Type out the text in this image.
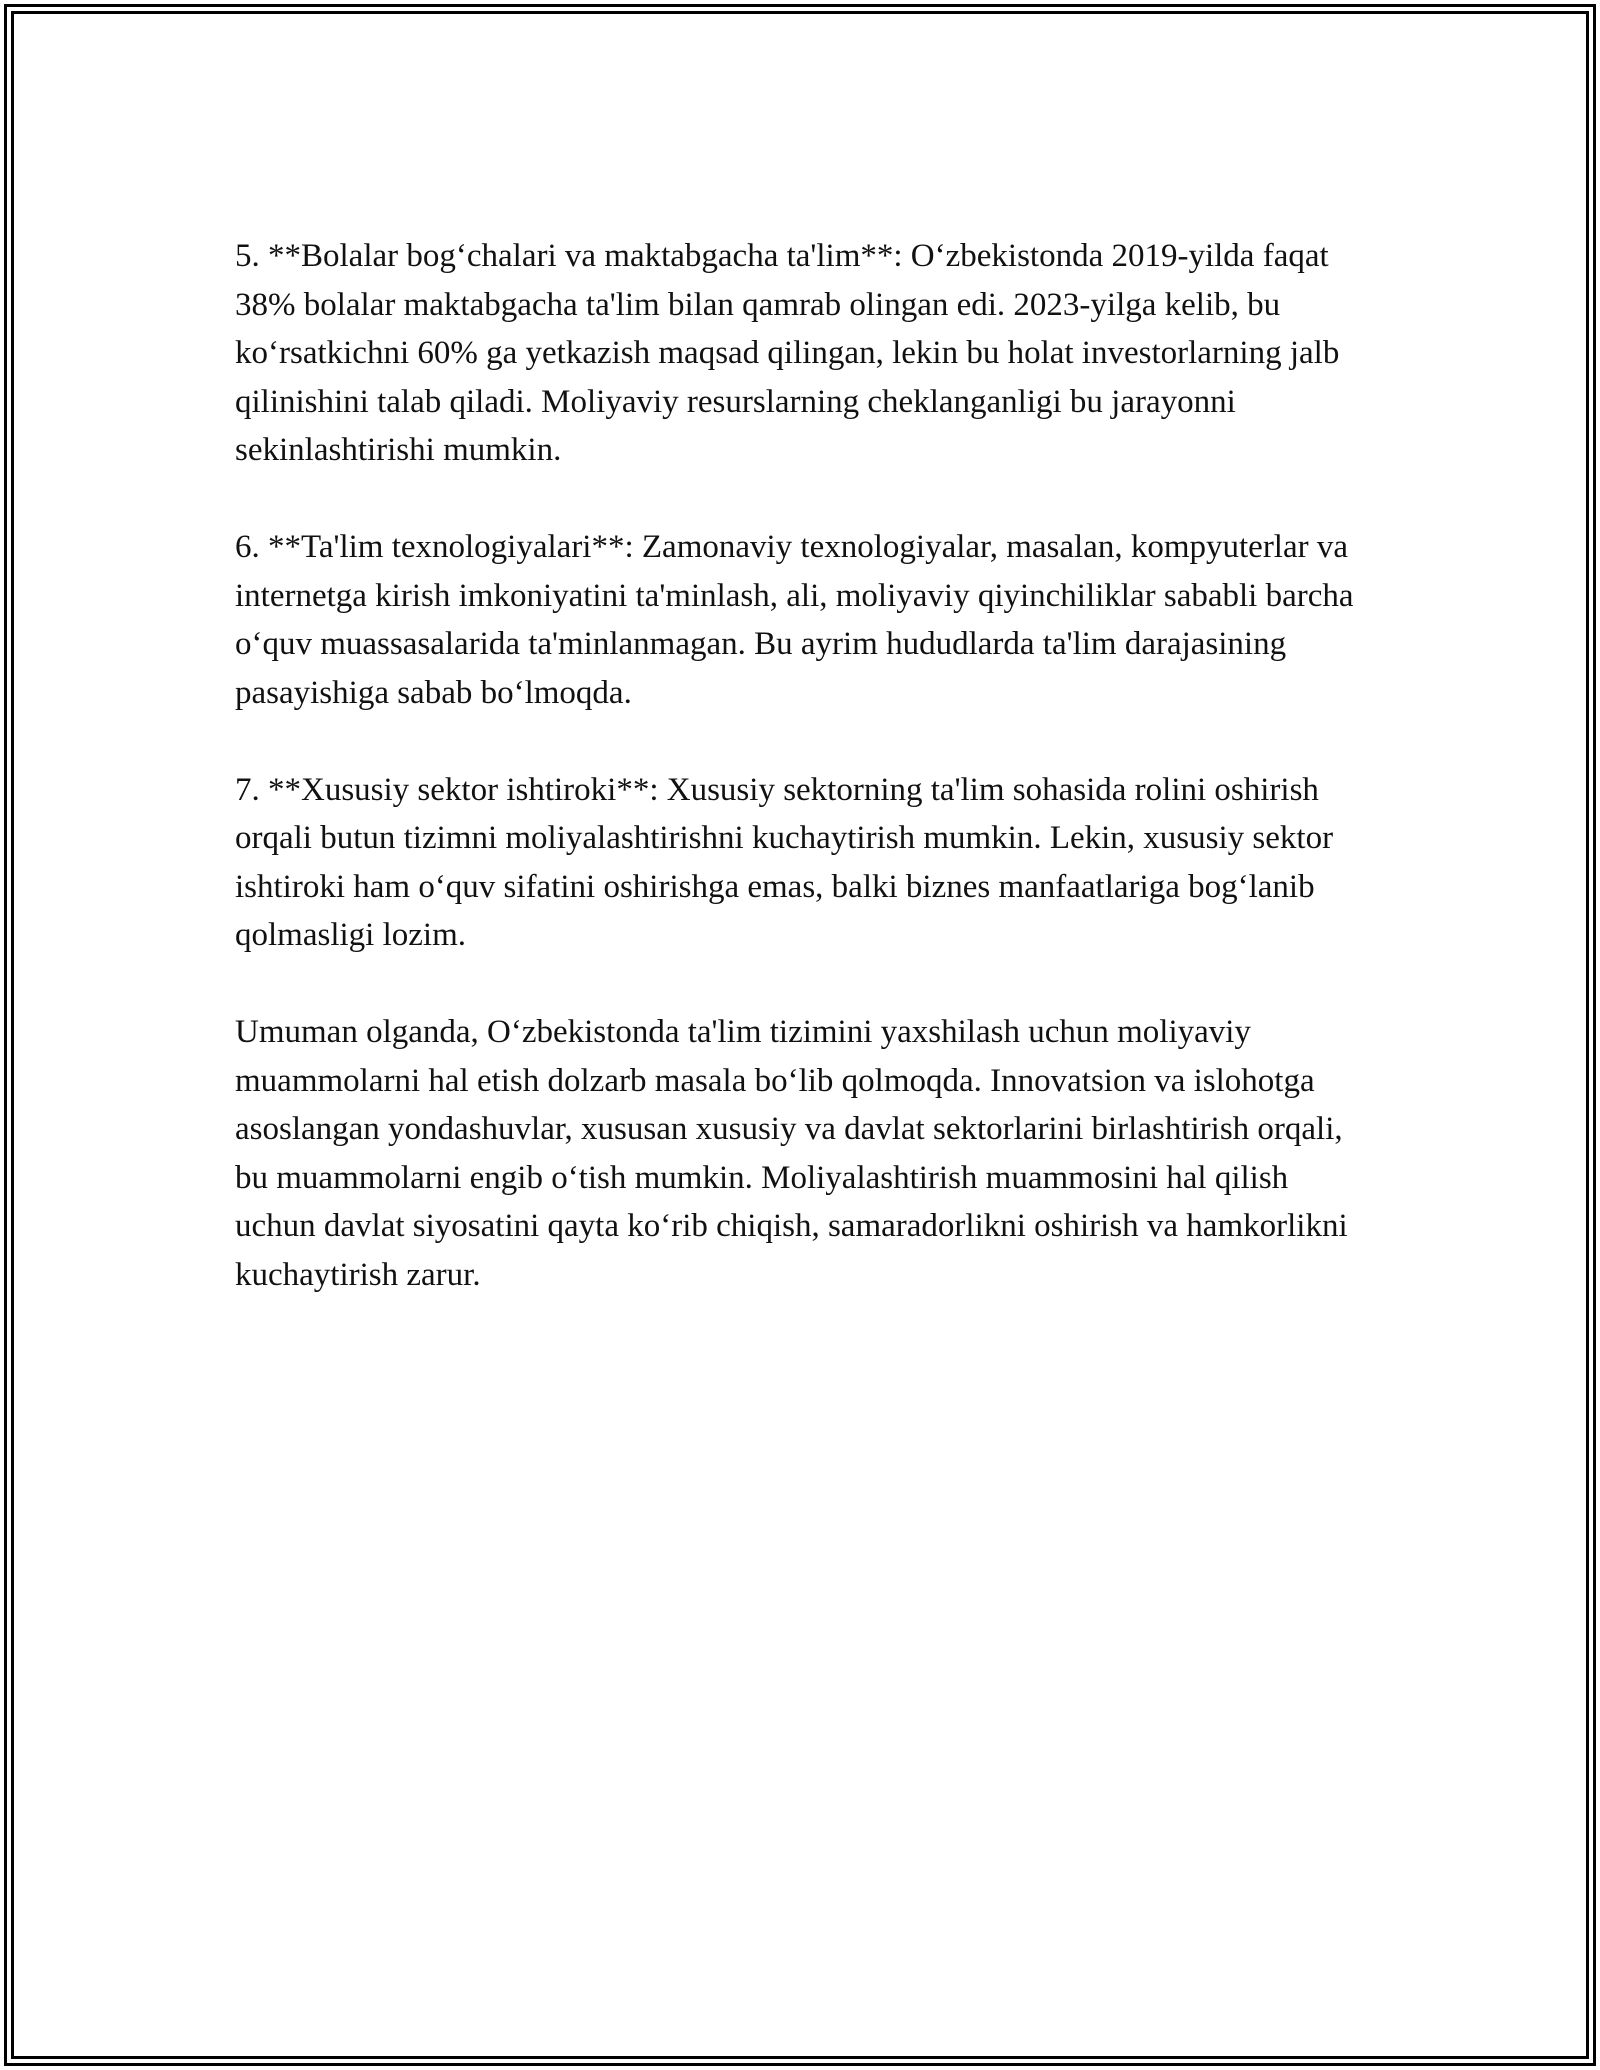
5. **Bolalar bog‘chalari va maktabgacha ta'lim**: O‘zbekistonda 2019-yilda faqat 38% bolalar maktabgacha ta'lim bilan qamrab olingan edi. 2023-yilga kelib, bu ko‘rsatkichni 60% ga yetkazish maqsad qilingan, lekin bu holat investorlarning jalb qilinishini talab qiladi. Moliyaviy resurslarning cheklanganligi bu jarayonni sekinlashtirishi mumkin.

6. **Ta'lim texnologiyalari**: Zamonaviy texnologiyalar, masalan, kompyuterlar va internetga kirish imkoniyatini ta'minlash, ali, moliyaviy qiyinchiliklar sababli barcha o‘quv muassasalarida ta'minlanmagan. Bu ayrim hududlarda ta'lim darajasining pasayishiga sabab bo‘lmoqda.

7. **Xususiy sektor ishtiroki**: Xususiy sektorning ta'lim sohasida rolini oshirish orqali butun tizimni moliyalashtirishni kuchaytirish mumkin. Lekin, xususiy sektor ishtiroki ham o‘quv sifatini oshirishga emas, balki biznes manfaatlariga bog‘lanib qolmasligi lozim.

Umuman olganda, O‘zbekistonda ta'lim tizimini yaxshilash uchun moliyaviy muammolarni hal etish dolzarb masala bo‘lib qolmoqda. Innovatsion va islohotga asoslangan yondashuvlar, xususan xususiy va davlat sektorlarini birlashtirish orqali, bu muammolarni engib o‘tish mumkin. Moliyalashtirish muammosini hal qilish uchun davlat siyosatini qayta ko‘rib chiqish, samaradorlikni oshirish va hamkorlikni kuchaytirish zarur.
